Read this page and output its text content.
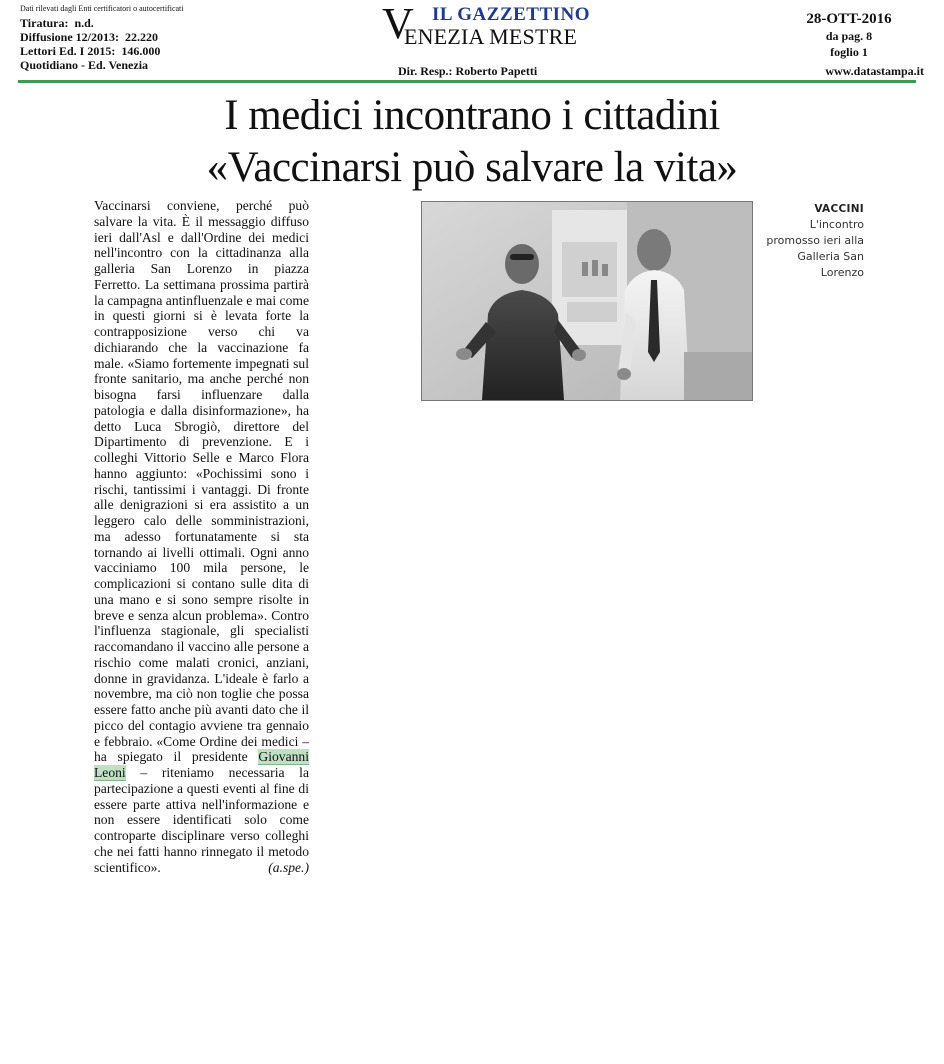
Dati rilevati dagli Enti certificatori o autocertificati
Tiratura: n.d.
Diffusione 12/2013: 22.220
Lettori Ed. I 2015: 146.000
Quotidiano - Ed. Venezia
V IL GAZZETTINO
ENEZIA MESTRE
Dir. Resp.: Roberto Papetti
28-OTT-2016
da pag. 8
foglio 1
www.datastampa.it
I medici incontrano i cittadini
«Vaccinarsi può salvare la vita»

Vaccinarsi conviene, perché può salvare la vita. È il messaggio diffuso ieri dall'Asl e dall'Ordine dei medici nell'incontro con la cittadinanza alla galleria San Lorenzo in piazza Ferretto. La settimana prossima partirà la campagna antinfluenzale e mai come in questi giorni si è levata forte la contrapposizione verso chi va dichiarando che la vaccinazione fa male. «Siamo fortemente impegnati sul fronte sanitario, ma anche perché non bisogna farsi influenzare dalla patologia e dalla disinformazione», ha detto Luca Sbrogiò, direttore del Dipartimento di prevenzione. E i colleghi Vittorio Selle e Marco Flora hanno aggiunto: «Pochissimi sono i rischi, tantissimi i vantaggi. Di fronte alle denigrazioni si era assistito a un leggero calo delle somministrazioni, ma adesso fortunatamente si sta tornando ai livelli ottimali. Ogni anno vacciniamo 100 mila persone, le complicazioni si contano sulle dita di una mano e si sono sempre risolte in breve e senza alcun problema». Contro l'influenza stagionale, gli specialisti raccomandano il vaccino alle persone a rischio come malati cronici, anziani, donne in gravidanza. L'ideale è farlo a novembre, ma ciò non toglie che possa essere fatto anche più avanti dato che il picco del contagio avviene tra gennaio e febbraio. «Come Ordine dei medici – ha spiegato il presidente Giovanni Leoni – riteniamo necessaria la partecipazione a questi eventi al fine di essere parte attiva nell'informazione e non essere identificati solo come controparte disciplinare verso colleghi che nei fatti hanno rinnegato il metodo scientifico».	(a.spe.)

VACCINI
L'incontro promosso ieri alla Galleria San Lorenzo
